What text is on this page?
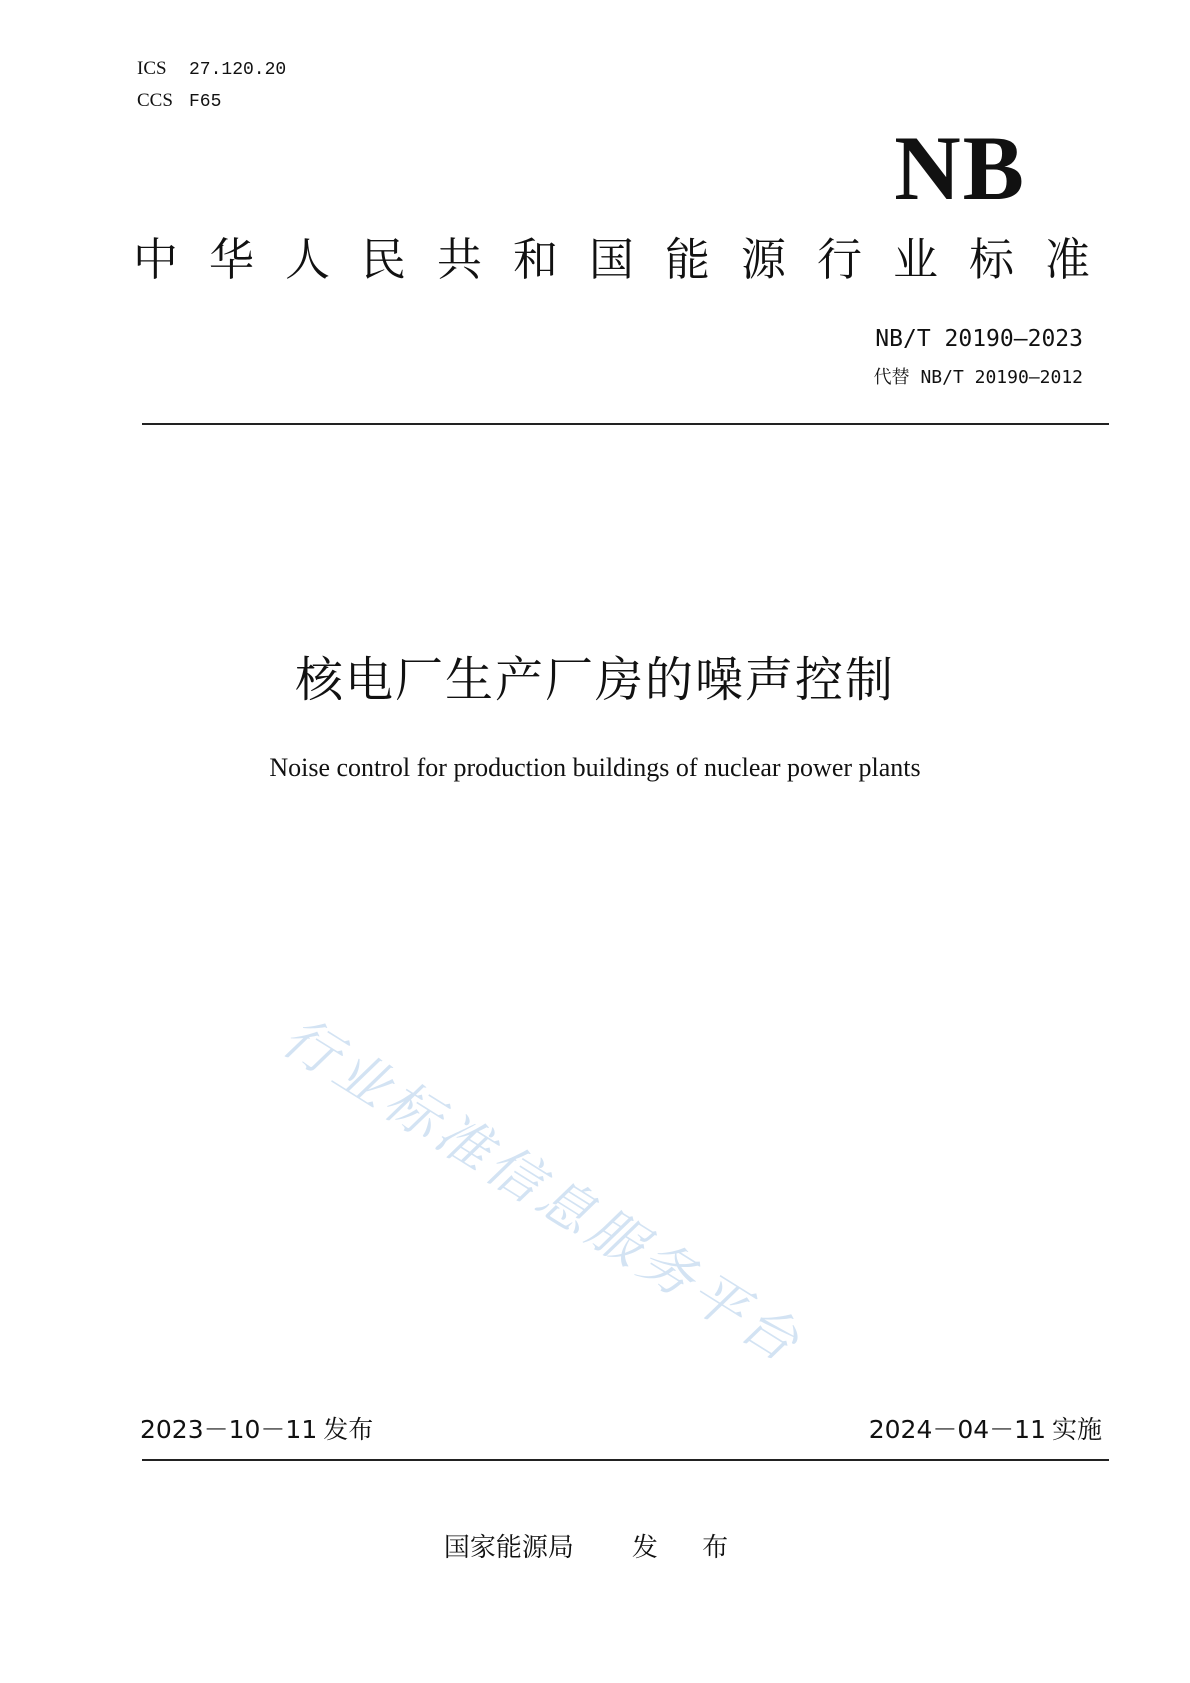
ICS 27.120.20
CCS F65
NB
中华人民共和国能源行业标准
NB/T 20190—2023
代替 NB/T 20190—2012
核电厂生产厂房的噪声控制
Noise control for production buildings of nuclear power plants
行业标准信息服务平台
2023－10－11 发布	2024－04－11 实施
国家能源局 发 布
